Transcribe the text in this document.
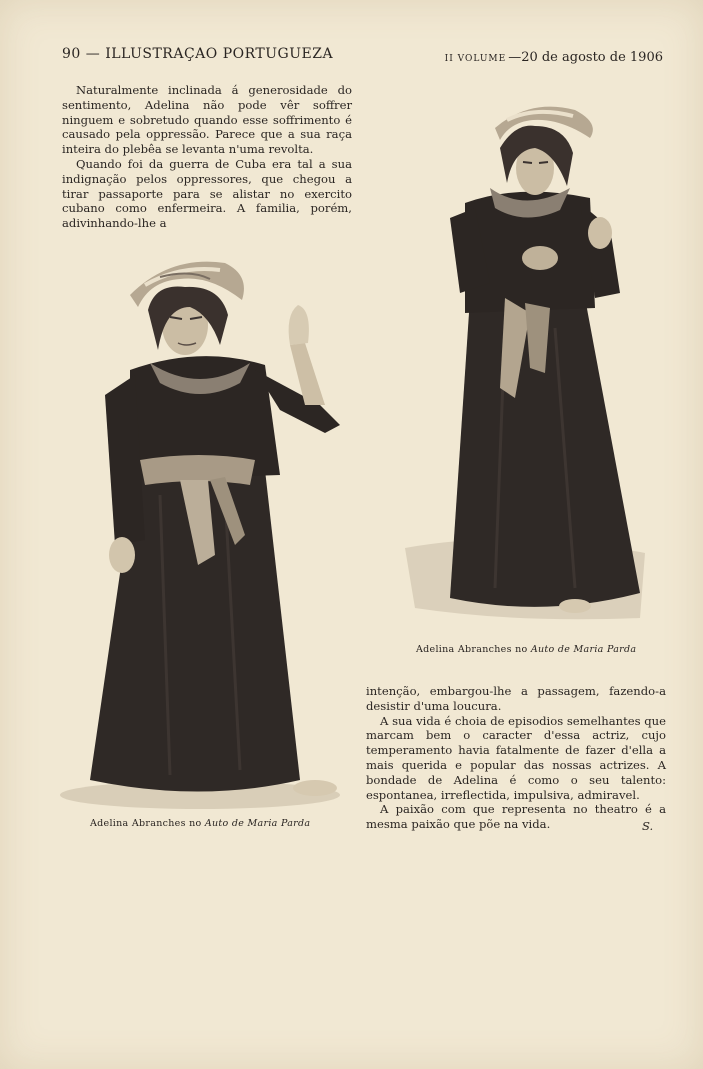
90 — ILLUSTRAÇAO PORTUGUEZA	II VOLUME —20 de agosto de 1906

Naturalmente inclinada á generosidade do sentimento, Adelina não pode vêr soffrer ninguem e sobretudo quando esse soffrimento é causado pela oppressão. Parece que a sua raça inteira do plebêa se levanta n'uma revolta.

Quando foi da guerra de Cuba era tal a sua indignação pelos oppressores, que chegou a tirar passaporte para se alistar no exercito cubano como enfermeira. A familia, porém, adivinhando-lhe a

Adelina Abranches no Auto de Maria Parda
Adelina Abranches no Auto de Maria Parda

intenção, embargou-lhe a passagem, fazendo-a desistir d'uma loucura.

A sua vida é choia de episodios semelhantes que marcam bem o caracter d'essa actriz, cujo temperamento havia fatalmente de fazer d'ella a mais querida e popular das nossas actrizes. A bondade de Adelina é como o seu talento: espontanea, irreflectida, impulsiva, admiravel.

A paixão com que representa no theatro é a mesma paixão que põe na vida.	S.
